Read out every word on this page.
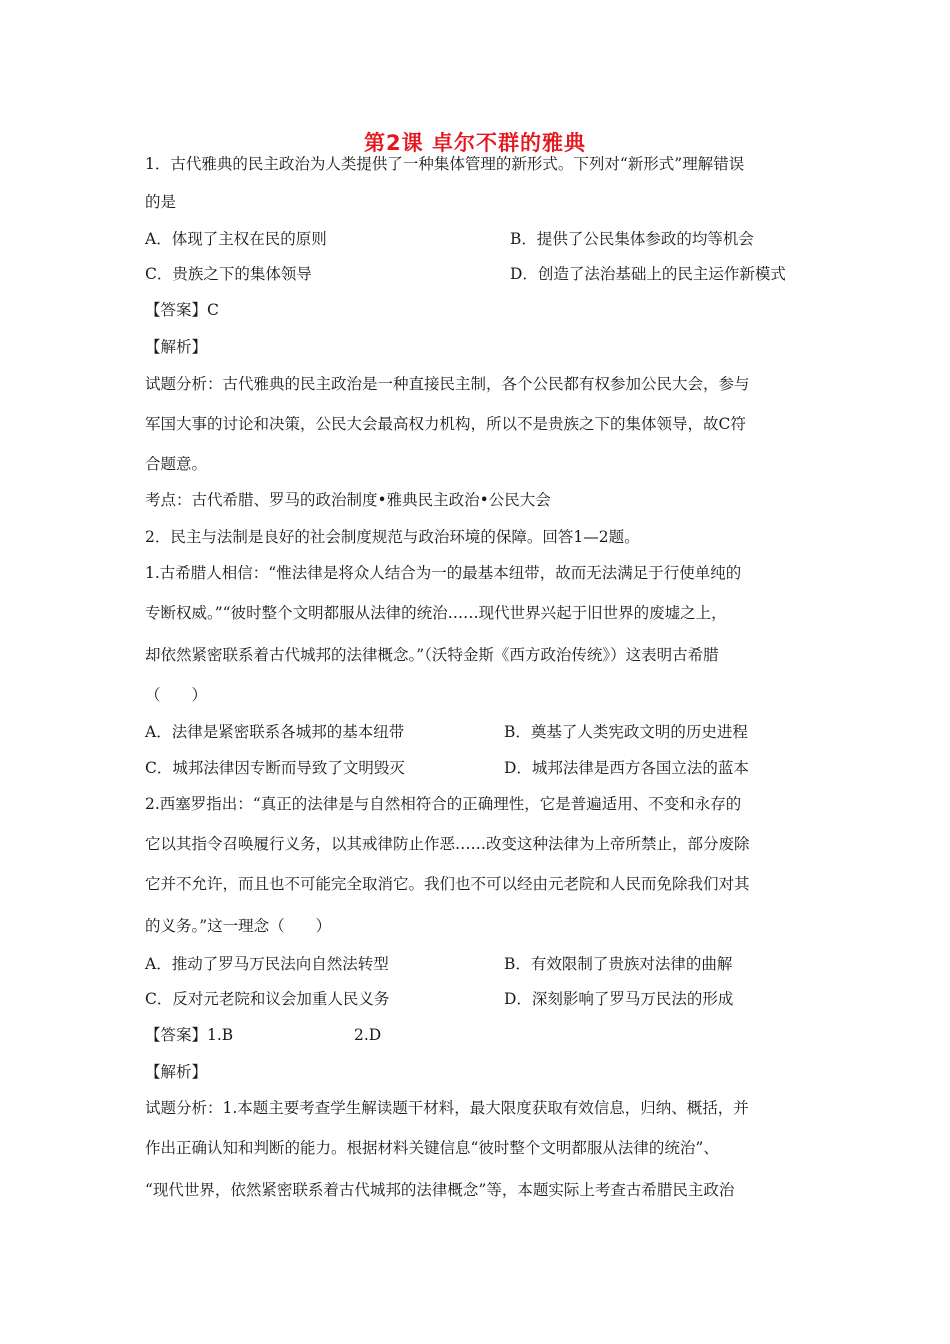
第2课 卓尔不群的雅典
1．古代雅典的民主政治为人类提供了一种集体管理的新形式。下列对“新形式”理解错误
的是
A．体现了主权在民的原则	B．提供了公民集体参政的均等机会
C．贵族之下的集体领导	D．创造了法治基础上的民主运作新模式
【答案】C
【解析】
试题分析：古代雅典的民主政治是一种直接民主制，各个公民都有权参加公民大会，参与
军国大事的讨论和决策，公民大会最高权力机构，所以不是贵族之下的集体领导，故C符
合题意。
考点：古代希腊、罗马的政治制度•雅典民主政治•公民大会
2．民主与法制是良好的社会制度规范与政治环境的保障。回答1—2题。
1.古希腊人相信：“惟法律是将众人结合为一的最基本纽带，故而无法满足于行使单纯的
专断权威。”“彼时整个文明都服从法律的统治……现代世界兴起于旧世界的废墟之上，
却依然紧密联系着古代城邦的法律概念。”（沃特金斯《西方政治传统》）这表明古希腊
（　　）
A．法律是紧密联系各城邦的基本纽带	B．奠基了人类宪政文明的历史进程
C．城邦法律因专断而导致了文明毁灭	D．城邦法律是西方各国立法的蓝本
2.西塞罗指出：“真正的法律是与自然相符合的正确理性，它是普遍适用、不变和永存的
它以其指令召唤履行义务，以其戒律防止作恶……改变这种法律为上帝所禁止，部分废除
它并不允许，而且也不可能完全取消它。我们也不可以经由元老院和人民而免除我们对其
的义务。”这一理念（　　）
A．推动了罗马万民法向自然法转型	B．有效限制了贵族对法律的曲解
C．反对元老院和议会加重人民义务	D．深刻影响了罗马万民法的形成
【答案】1.B	2.D
【解析】
试题分析：1.本题主要考查学生解读题干材料，最大限度获取有效信息，归纳、概括，并
作出正确认知和判断的能力。根据材料关键信息“彼时整个文明都服从法律的统治”、
“现代世界，依然紧密联系着古代城邦的法律概念”等，本题实际上考查古希腊民主政治
